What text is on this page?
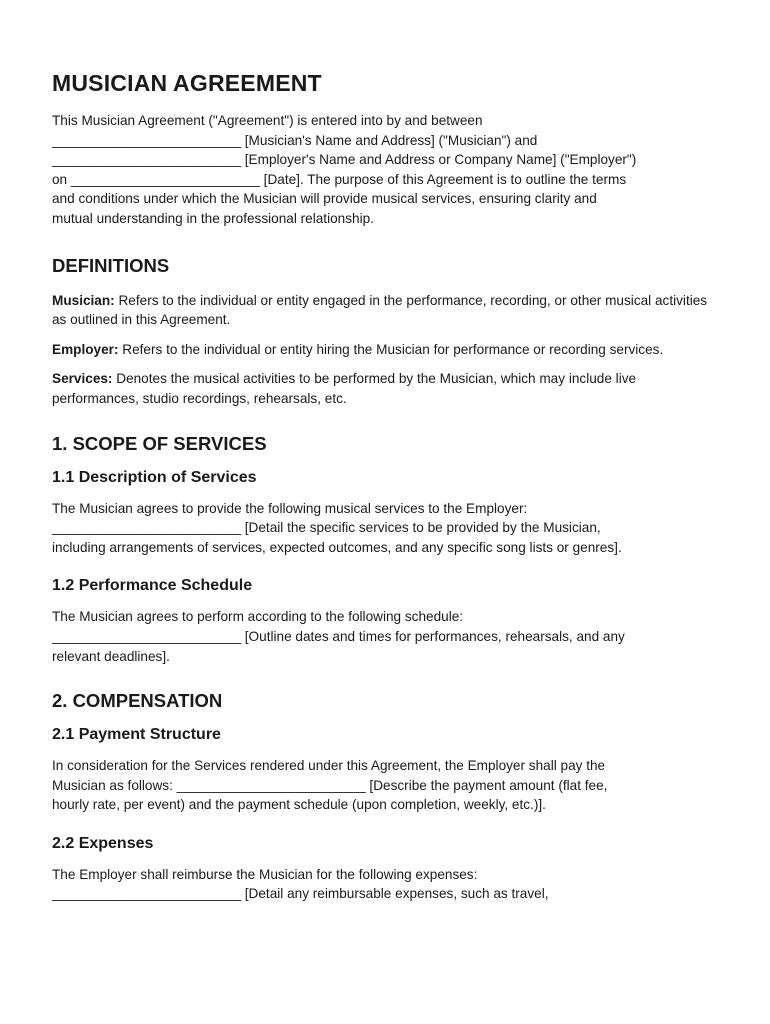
MUSICIAN AGREEMENT

This Musician Agreement ("Agreement") is entered into by and between
_________________________ [Musician's Name and Address] ("Musician") and
_________________________ [Employer's Name and Address or Company Name] ("Employer")
on _________________________ [Date]. The purpose of this Agreement is to outline the terms
and conditions under which the Musician will provide musical services, ensuring clarity and
mutual understanding in the professional relationship.

DEFINITIONS

Musician: Refers to the individual or entity engaged in the performance, recording, or other musical activities as outlined in this Agreement.

Employer: Refers to the individual or entity hiring the Musician for performance or recording services.

Services: Denotes the musical activities to be performed by the Musician, which may include live performances, studio recordings, rehearsals, etc.

1. SCOPE OF SERVICES
1.1 Description of Services

The Musician agrees to provide the following musical services to the Employer:
_________________________ [Detail the specific services to be provided by the Musician,
including arrangements of services, expected outcomes, and any specific song lists or genres].

1.2 Performance Schedule

The Musician agrees to perform according to the following schedule:
_________________________ [Outline dates and times for performances, rehearsals, and any
relevant deadlines].

2. COMPENSATION
2.1 Payment Structure

In consideration for the Services rendered under this Agreement, the Employer shall pay the
Musician as follows: _________________________ [Describe the payment amount (flat fee,
hourly rate, per event) and the payment schedule (upon completion, weekly, etc.)].

2.2 Expenses

The Employer shall reimburse the Musician for the following expenses:
_________________________ [Detail any reimbursable expenses, such as travel,
